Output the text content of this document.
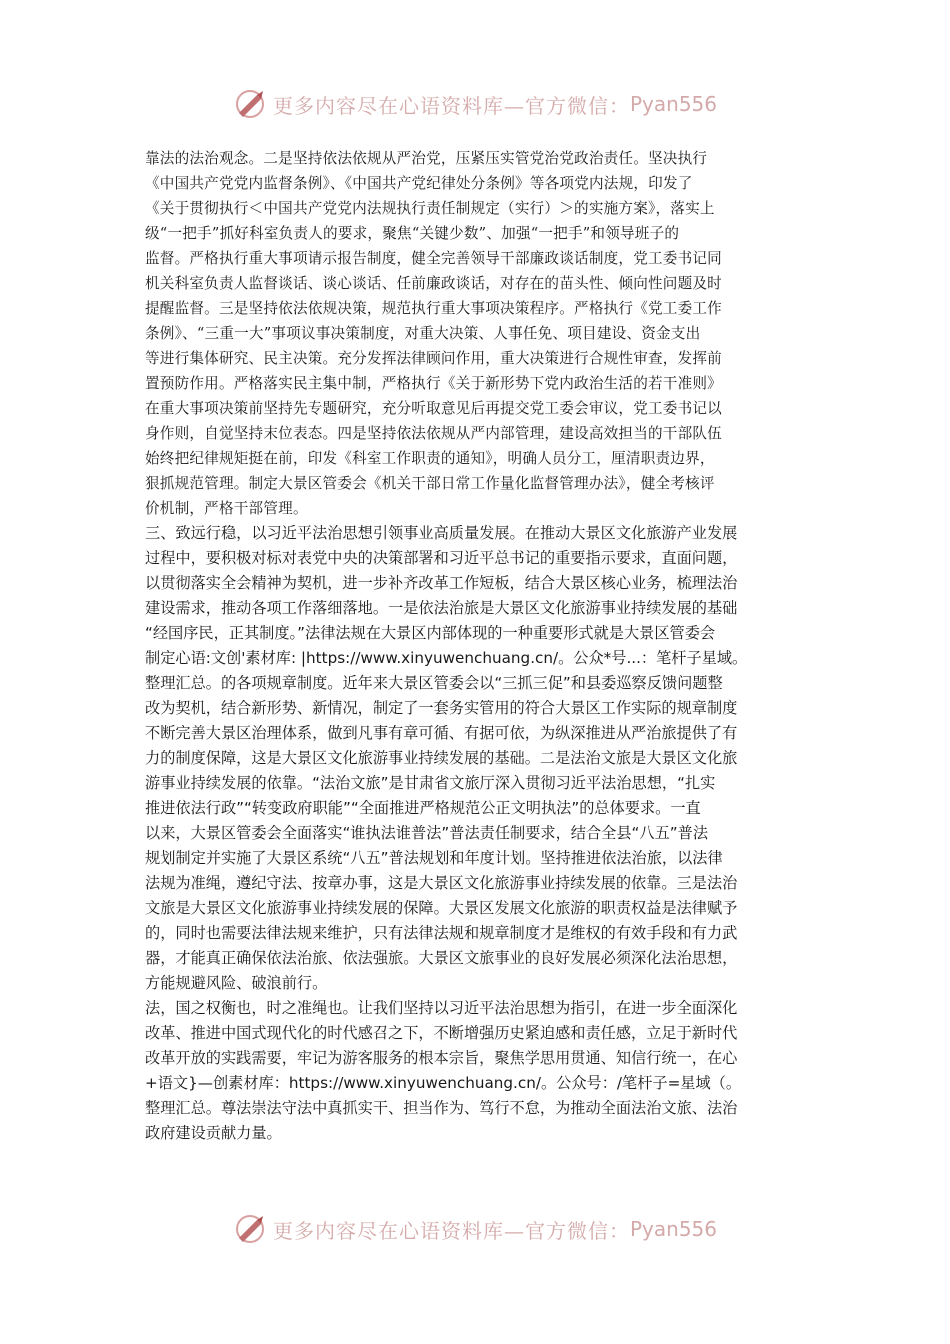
更多内容尽在心语资料库—官方微信： Pyan556
靠法的法治观念。二是坚持依法依规从严治党，压紧压实管党治党政治责任。坚决执行
《中国共产党党内监督条例》、《中国共产党纪律处分条例》等各项党内法规，印发了
《关于贯彻执行＜中国共产党党内法规执行责任制规定（实行）＞的实施方案》，落实上
级“一把手”抓好科室负责人的要求，聚焦“关键少数”、加强“一把手”和领导班子的
监督。严格执行重大事项请示报告制度，健全完善领导干部廉政谈话制度，党工委书记同
机关科室负责人监督谈话、谈心谈话、任前廉政谈话，对存在的苗头性、倾向性问题及时
提醒监督。三是坚持依法依规决策，规范执行重大事项决策程序。严格执行《党工委工作
条例》、“三重一大”事项议事决策制度，对重大决策、人事任免、项目建设、资金支出
等进行集体研究、民主决策。充分发挥法律顾问作用，重大决策进行合规性审查，发挥前
置预防作用。严格落实民主集中制，严格执行《关于新形势下党内政治生活的若干准则》
在重大事项决策前坚持先专题研究，充分听取意见后再提交党工委会审议，党工委书记以
身作则，自觉坚持末位表态。四是坚持依法依规从严内部管理，建设高效担当的干部队伍
始终把纪律规矩挺在前，印发《科室工作职责的通知》，明确人员分工，厘清职责边界，
狠抓规范管理。制定大景区管委会《机关干部日常工作量化监督管理办法》，健全考核评
价机制，严格干部管理。
三、致远行稳，以习近平法治思想引领事业高质量发展。在推动大景区文化旅游产业发展
过程中，要积极对标对表党中央的决策部署和习近平总书记的重要指示要求，直面问题，
以贯彻落实全会精神为契机，进一步补齐改革工作短板，结合大景区核心业务，梳理法治
建设需求，推动各项工作落细落地。一是依法治旅是大景区文化旅游事业持续发展的基础
“经国序民，正其制度。”法律法规在大景区内部体现的一种重要形式就是大景区管委会
制定心语:文创'素材库: |https://www.xinyuwenchuang.cn/。公众*号...：笔杆子星域。
整理汇总。的各项规章制度。近年来大景区管委会以“三抓三促”和县委巡察反馈问题整
改为契机，结合新形势、新情况，制定了一套务实管用的符合大景区工作实际的规章制度
不断完善大景区治理体系，做到凡事有章可循、有据可依，为纵深推进从严治旅提供了有
力的制度保障，这是大景区文化旅游事业持续发展的基础。二是法治文旅是大景区文化旅
游事业持续发展的依靠。“法治文旅”是甘肃省文旅厅深入贯彻习近平法治思想，“扎实
推进依法行政”“转变政府职能”“全面推进严格规范公正文明执法”的总体要求。一直
以来，大景区管委会全面落实“谁执法谁普法”普法责任制要求，结合全县“八五”普法
规划制定并实施了大景区系统“八五”普法规划和年度计划。坚持推进依法治旅，以法律
法规为准绳，遵纪守法、按章办事，这是大景区文化旅游事业持续发展的依靠。三是法治
文旅是大景区文化旅游事业持续发展的保障。大景区发展文化旅游的职责权益是法律赋予
的，同时也需要法律法规来维护，只有法律法规和规章制度才是维权的有效手段和有力武
器，才能真正确保依法治旅、依法强旅。大景区文旅事业的良好发展必须深化法治思想，
方能规避风险、破浪前行。
法，国之权衡也，时之准绳也。让我们坚持以习近平法治思想为指引，在进一步全面深化
改革、推进中国式现代化的时代感召之下，不断增强历史紧迫感和责任感，立足于新时代
改革开放的实践需要，牢记为游客服务的根本宗旨，聚焦学思用贯通、知信行统一，在心
+语文}—创素材库：https://www.xinyuwenchuang.cn/。公众号：/笔杆子=星域（。
整理汇总。尊法崇法守法中真抓实干、担当作为、笃行不怠，为推动全面法治文旅、法治
政府建设贡献力量。
更多内容尽在心语资料库—官方微信： Pyan556
